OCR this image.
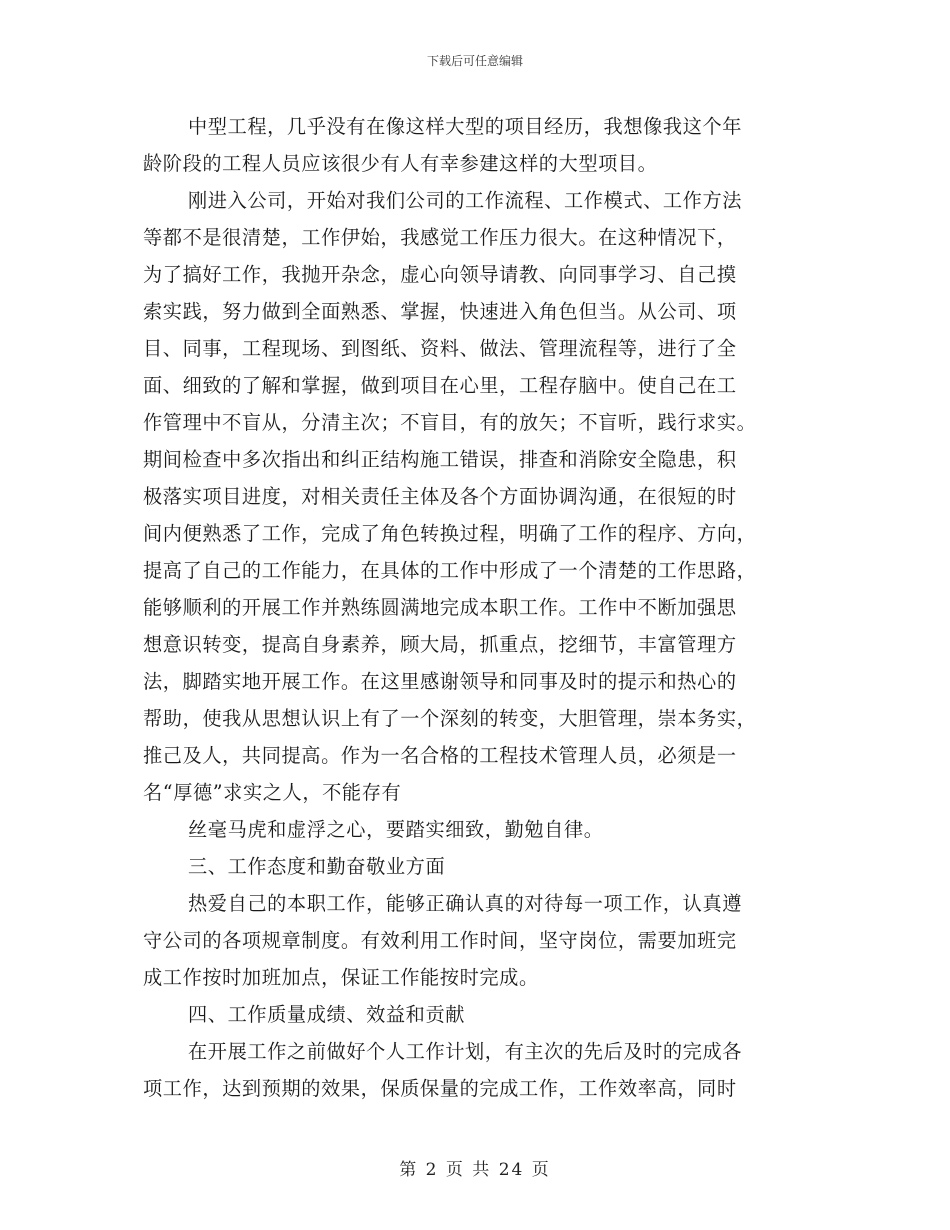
下载后可任意编辑
中型工程，几乎没有在像这样大型的项目经历，我想像我这个年
龄阶段的工程人员应该很少有人有幸参建这样的大型项目。
刚进入公司，开始对我们公司的工作流程、工作模式、工作方法
等都不是很清楚，工作伊始，我感觉工作压力很大。在这种情况下，
为了搞好工作，我抛开杂念，虚心向领导请教、向同事学习、自己摸
索实践，努力做到全面熟悉、掌握，快速进入角色但当。从公司、项
目、同事，工程现场、到图纸、资料、做法、管理流程等，进行了全
面、细致的了解和掌握，做到项目在心里，工程存脑中。使自己在工
作管理中不盲从，分清主次；不盲目，有的放矢；不盲听，践行求实。
期间检查中多次指出和纠正结构施工错误，排查和消除安全隐患，积
极落实项目进度，对相关责任主体及各个方面协调沟通，在很短的时
间内便熟悉了工作，完成了角色转换过程，明确了工作的程序、方向，
提高了自己的工作能力，在具体的工作中形成了一个清楚的工作思路，
能够顺利的开展工作并熟练圆满地完成本职工作。工作中不断加强思
想意识转变，提高自身素养，顾大局，抓重点，挖细节，丰富管理方
法，脚踏实地开展工作。在这里感谢领导和同事及时的提示和热心的
帮助，使我从思想认识上有了一个深刻的转变，大胆管理，崇本务实，
推己及人，共同提高。作为一名合格的工程技术管理人员，必须是一
名“厚德”求实之人，不能存有
丝毫马虎和虚浮之心，要踏实细致，勤勉自律。
三、工作态度和勤奋敬业方面
热爱自己的本职工作，能够正确认真的对待每一项工作，认真遵
守公司的各项规章制度。有效利用工作时间，坚守岗位，需要加班完
成工作按时加班加点，保证工作能按时完成。
四、工作质量成绩、效益和贡献
在开展工作之前做好个人工作计划，有主次的先后及时的完成各
项工作，达到预期的效果，保质保量的完成工作，工作效率高，同时
第 2 页 共 24 页
